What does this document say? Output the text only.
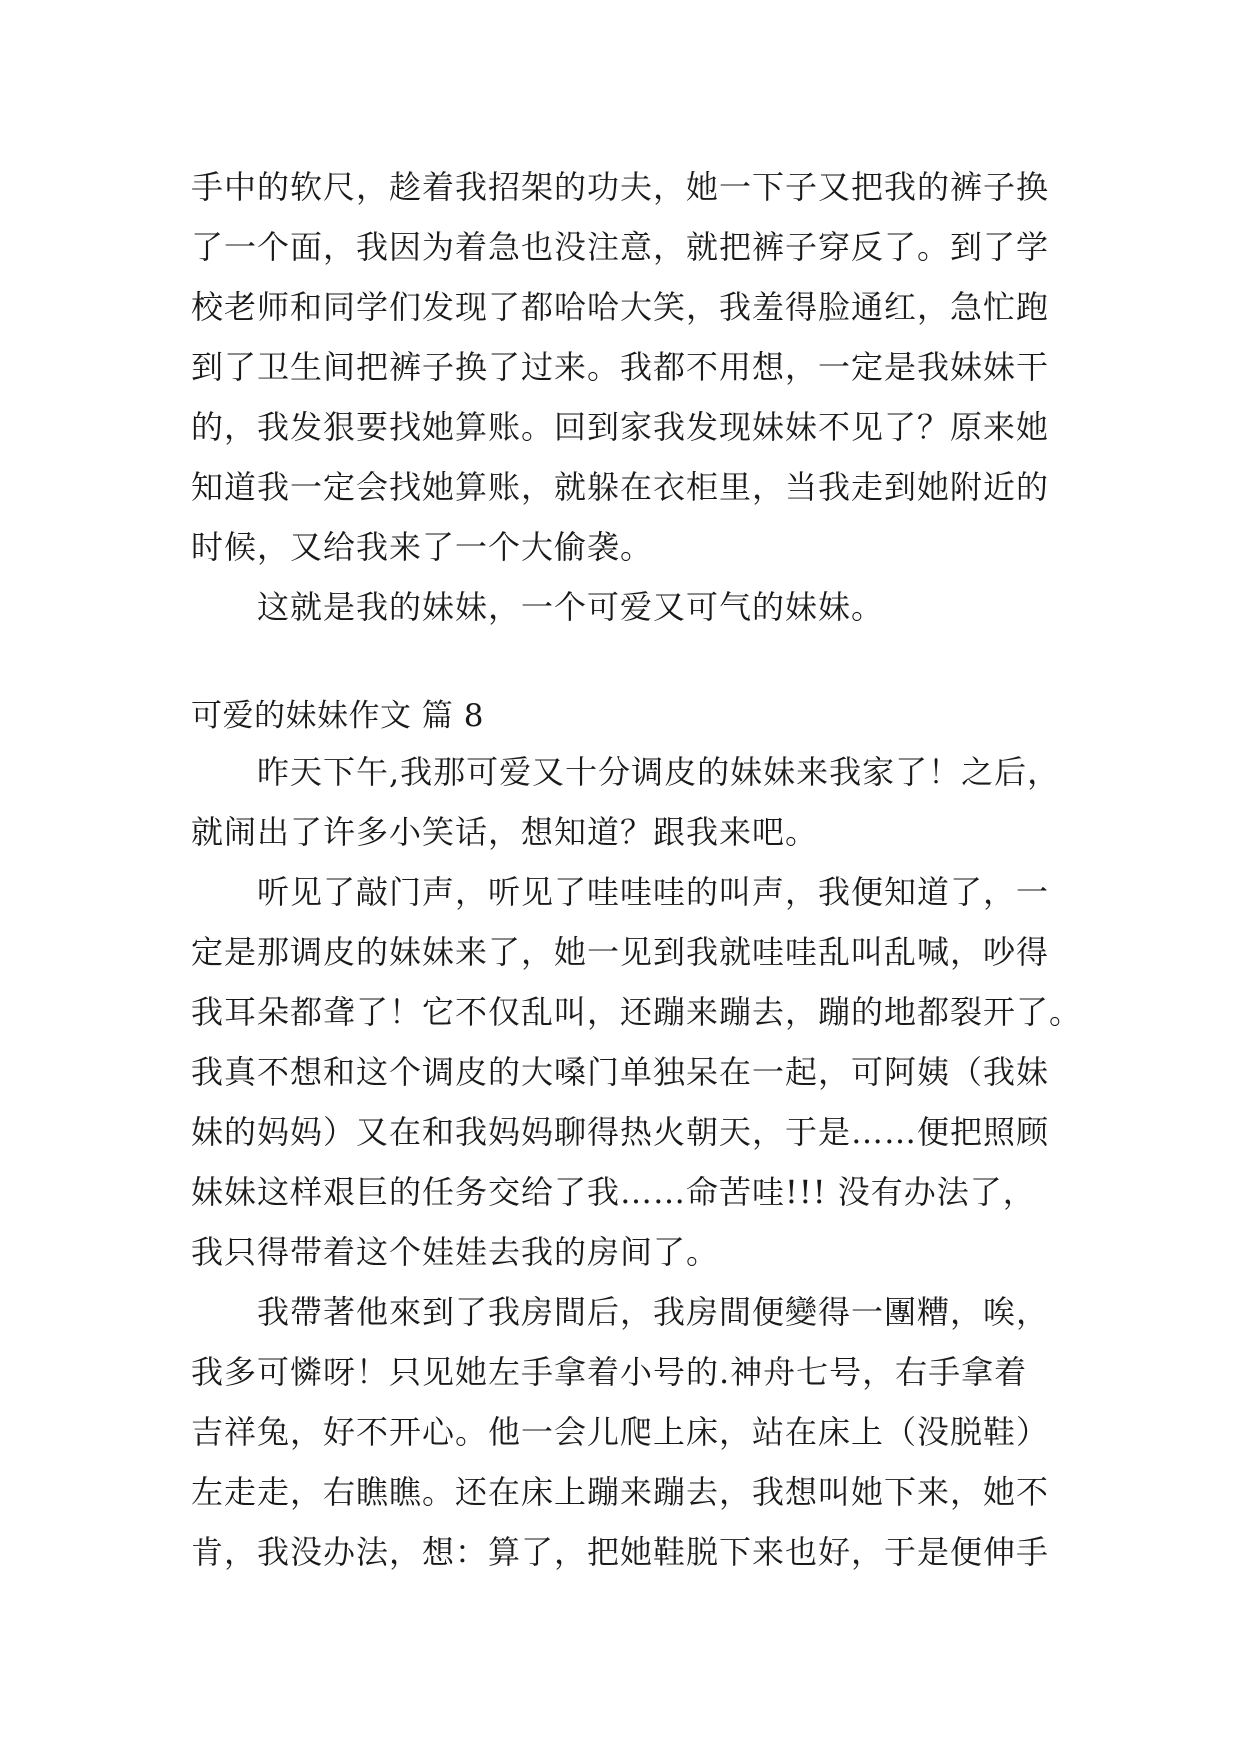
手中的软尺，趁着我招架的功夫，她一下子又把我的裤子换
了一个面，我因为着急也没注意，就把裤子穿反了。到了学
校老师和同学们发现了都哈哈大笑，我羞得脸通红，急忙跑
到了卫生间把裤子换了过来。我都不用想，一定是我妹妹干
的，我发狠要找她算账。回到家我发现妹妹不见了？原来她
知道我一定会找她算账，就躲在衣柜里，当我走到她附近的
时候，又给我来了一个大偷袭。
这就是我的妹妹，一个可爱又可气的妹妹。
可爱的妹妹作文 篇 8
昨天下午,我那可爱又十分调皮的妹妹来我家了！之后，
就闹出了许多小笑话，想知道？跟我来吧。
听见了敲门声，听见了哇哇哇的叫声，我便知道了，一
定是那调皮的妹妹来了，她一见到我就哇哇乱叫乱喊，吵得
我耳朵都聋了！它不仅乱叫，还蹦来蹦去，蹦的地都裂开了。
我真不想和这个调皮的大嗓门单独呆在一起，可阿姨（我妹
妹的妈妈）又在和我妈妈聊得热火朝天，于是……便把照顾
妹妹这样艰巨的任务交给了我……命苦哇!!! 没有办法了，
我只得带着这个娃娃去我的房间了。
我帶著他來到了我房間后，我房間便變得一團糟，唉，
我多可憐呀！只见她左手拿着小号的.神舟七号，右手拿着
吉祥兔，好不开心。他一会儿爬上床，站在床上（没脱鞋）
左走走，右瞧瞧。还在床上蹦来蹦去，我想叫她下来，她不
肯，我没办法，想：算了，把她鞋脱下来也好，于是便伸手
